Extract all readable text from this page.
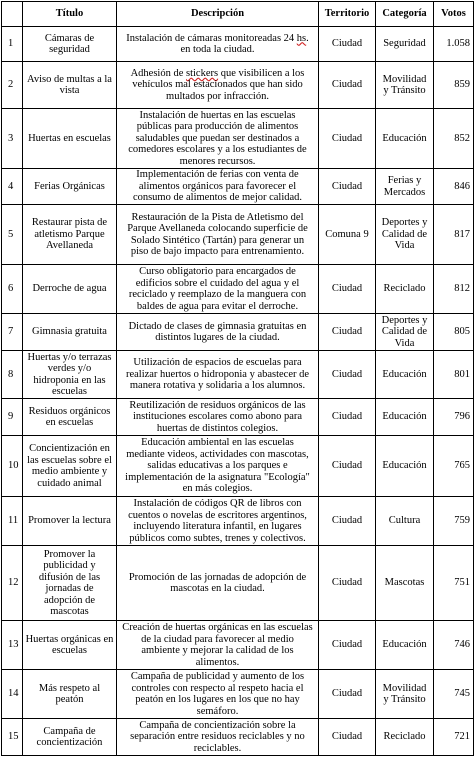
	Título	Descripción	Territorio	Categoría	Votos
1	Cámaras de seguridad	Instalación de cámaras monitoreadas 24 hs. en toda la ciudad.	Ciudad	Seguridad	1.058
2	Aviso de multas a la vista	Adhesión de stickers que visibilicen a los vehículos mal estacionados que han sido multados por infracción.	Ciudad	Movilidad y Tránsito	859
3	Huertas en escuelas	Instalación de huertas en las escuelas públicas para producción de alimentos saludables que puedan ser destinados a comedores escolares y a los estudiantes de menores recursos.	Ciudad	Educación	852
4	Ferias Orgánicas	Implementación de ferias con venta de alimentos orgánicos para favorecer el consumo de alimentos de mejor calidad.	Ciudad	Ferias y Mercados	846
5	Restaurar pista de atletismo Parque Avellaneda	Restauración de la Pista de Atletismo del Parque Avellaneda colocando superficie de Solado Sintético (Tartán) para generar un piso de bajo impacto para entrenamiento.	Comuna 9	Deportes y Calidad de Vida	817
6	Derroche de agua	Curso obligatorio para encargados de edificios sobre el cuidado del agua y el reciclado y reemplazo de la manguera con baldes de agua para evitar el derroche.	Ciudad	Reciclado	812
7	Gimnasia gratuita	Dictado de clases de gimnasia gratuitas en distintos lugares de la ciudad.	Ciudad	Deportes y Calidad de Vida	805
8	Huertas y/o terrazas verdes y/o hidroponia en las escuelas	Utilización de espacios de escuelas para realizar huertos o hidroponia y abastecer de manera rotativa y solidaria a los alumnos.	Ciudad	Educación	801
9	Residuos orgánicos en escuelas	Reutilización de residuos orgánicos de las instituciones escolares como abono para huertas de distintos colegios.	Ciudad	Educación	796
10	Concientización en las escuelas sobre el medio ambiente y cuidado animal	Educación ambiental en las escuelas mediante videos, actividades con mascotas, salidas educativas a los parques e implementación de la asignatura "Ecología" en más colegios.	Ciudad	Educación	765
11	Promover la lectura	Instalación de códigos QR de libros con cuentos o novelas de escritores argentinos, incluyendo literatura infantil, en lugares públicos como subtes, trenes y colectivos.	Ciudad	Cultura	759
12	Promover la publicidad y difusión de las jornadas de adopción de mascotas	Promoción de las jornadas de adopción de mascotas en la ciudad.	Ciudad	Mascotas	751
13	Huertas orgánicas en escuelas	Creación de huertas orgánicas en las escuelas de la ciudad para favorecer al medio ambiente y mejorar la calidad de los alimentos.	Ciudad	Educación	746
14	Más respeto al peatón	Campaña de publicidad y aumento de los controles con respecto al respeto hacia el peatón en los lugares en los que no hay semáforo.	Ciudad	Movilidad y Tránsito	745
15	Campaña de concientización	Campaña de concientización sobre la separación entre residuos reciclables y no reciclables.	Ciudad	Reciclado	721
